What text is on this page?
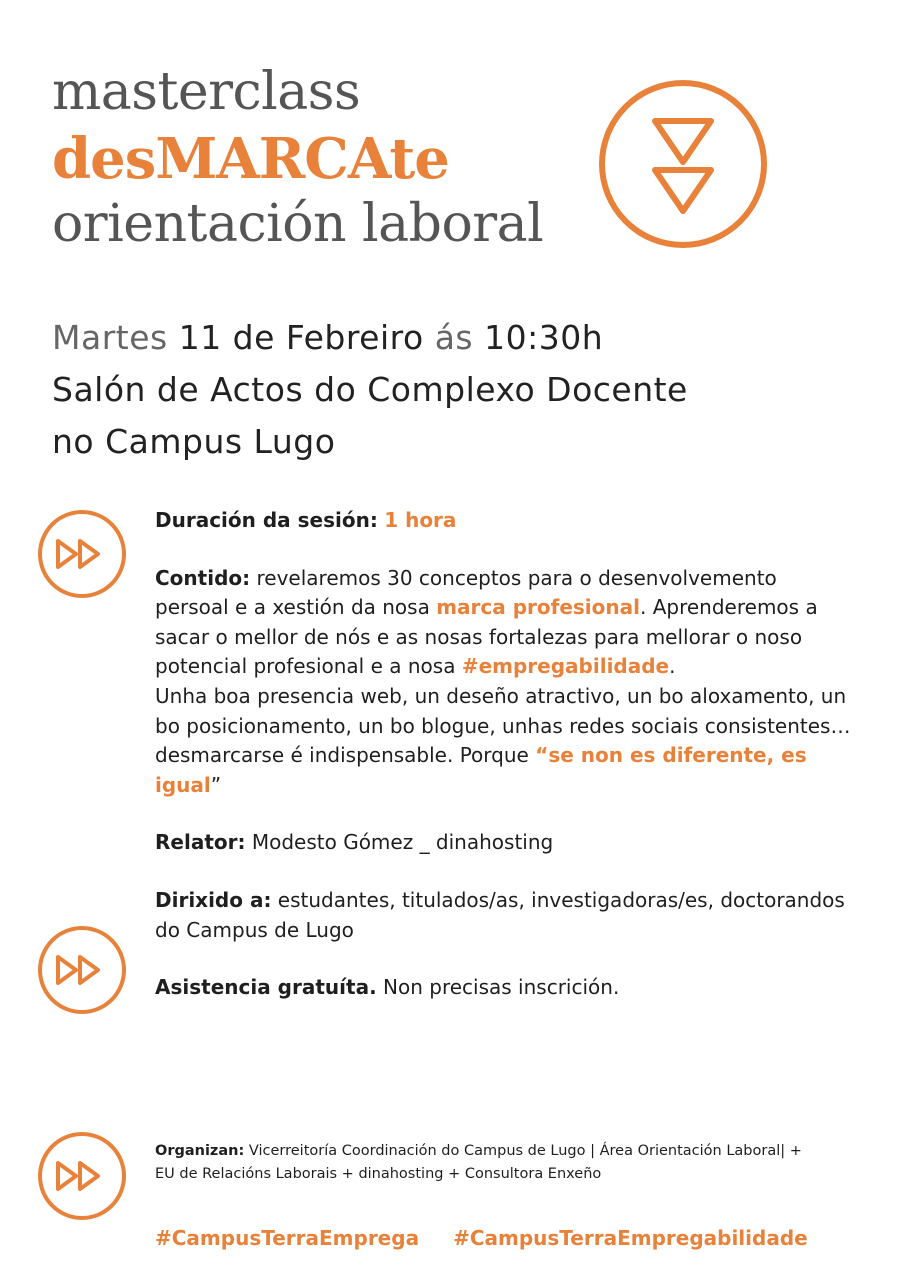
masterclass
desMARCAte
orientación laboral
Martes 11 de Febreiro ás 10:30h
Salón de Actos do Complexo Docente
no Campus Lugo

Duración da sesión: 1 hora

Contido: revelaremos 30 conceptos para o desenvolvemento persoal e a xestión da nosa marca profesional. Aprenderemos a sacar o mellor de nós e as nosas fortalezas para mellorar o noso potencial profesional e a nosa #empregabilidade.

Unha boa presencia web, un deseño atractivo, un bo aloxamento, un bo posicionamento, un bo blogue, unhas redes sociais consistentes…desmarcarse é indispensable. Porque “se non es diferente, es igual”

Relator: Modesto Gómez _ dinahosting

Dirixido a: estudantes, titulados/as, investigadoras/es, doctorandos do Campus de Lugo

Asistencia gratuíta. Non precisas inscrición.

Organizan: Vicerreitoría Coordinación do Campus de Lugo | Área Orientación Laboral| + EU de Relacións Laborais + dinahosting + Consultora Enxeño
#CampusTerraEmprega #CampusTerraEmpregabilidade
